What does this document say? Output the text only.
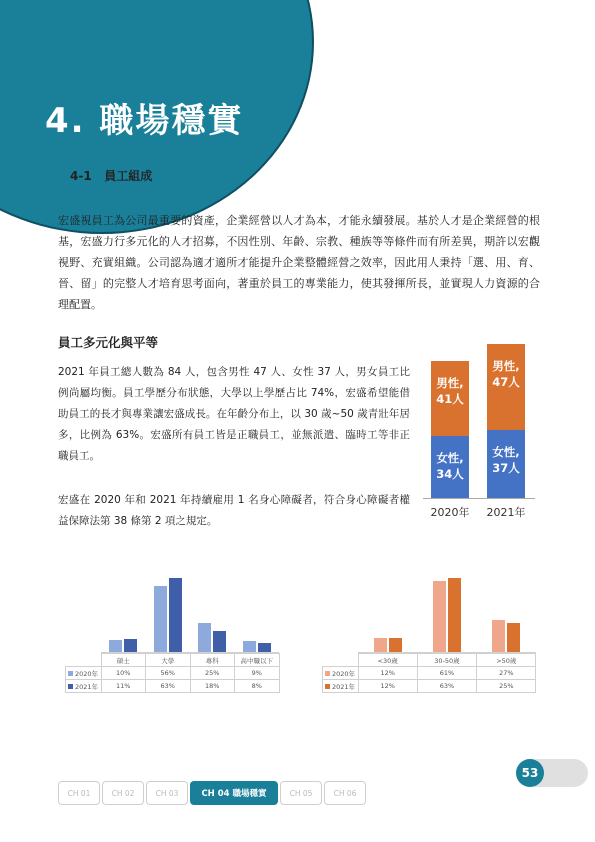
4. 職場穩實
4-1 員工組成

宏盛視員工為公司最重要的資產，企業經營以人才為本，才能永續發展。基於人才是企業經營的根基，宏盛力行多元化的人才招募，不因性別、年齡、宗教、種族等等條件而有所差異，期許以宏觀視野、充實組織。公司認為適才適所才能提升企業整體經營之效率，因此用人秉持「選、用、育、晉、留」的完整人才培育思考面向，著重於員工的專業能力，使其發揮所長，並實現人力資源的合理配置。

員工多元化與平等

2021 年員工總人數為 84 人，包含男性 47 人、女性 37 人，男女員工比例尚屬均衡。員工學歷分布狀態，大學以上學歷占比 74%，宏盛希望能借助員工的長才與專業讓宏盛成長。在年齡分布上，以 30 歲~50 歲青壯年居多，比例為 63%。宏盛所有員工皆是正職員工，並無派遣、臨時工等非正職員工。

宏盛在 2020 年和 2021 年持續雇用 1 名身心障礙者，符合身心障礙者權益保障法第 38 條第 2 項之規定。

女性,
34人
男性,
41人
2020年
女性,
37人
男性,
47人
2021年
	碩士	大學	專科	高中職以下
2020年	10%	56%	25%	9%
2021年	11%	63%	18%	8%
	<30歲	30-50歲	>50歲
2020年	12%	61%	27%
2021年	12%	63%	25%
53
CH 01	CH 02	CH 03	CH 04 職場穩實	CH 05	CH 06
